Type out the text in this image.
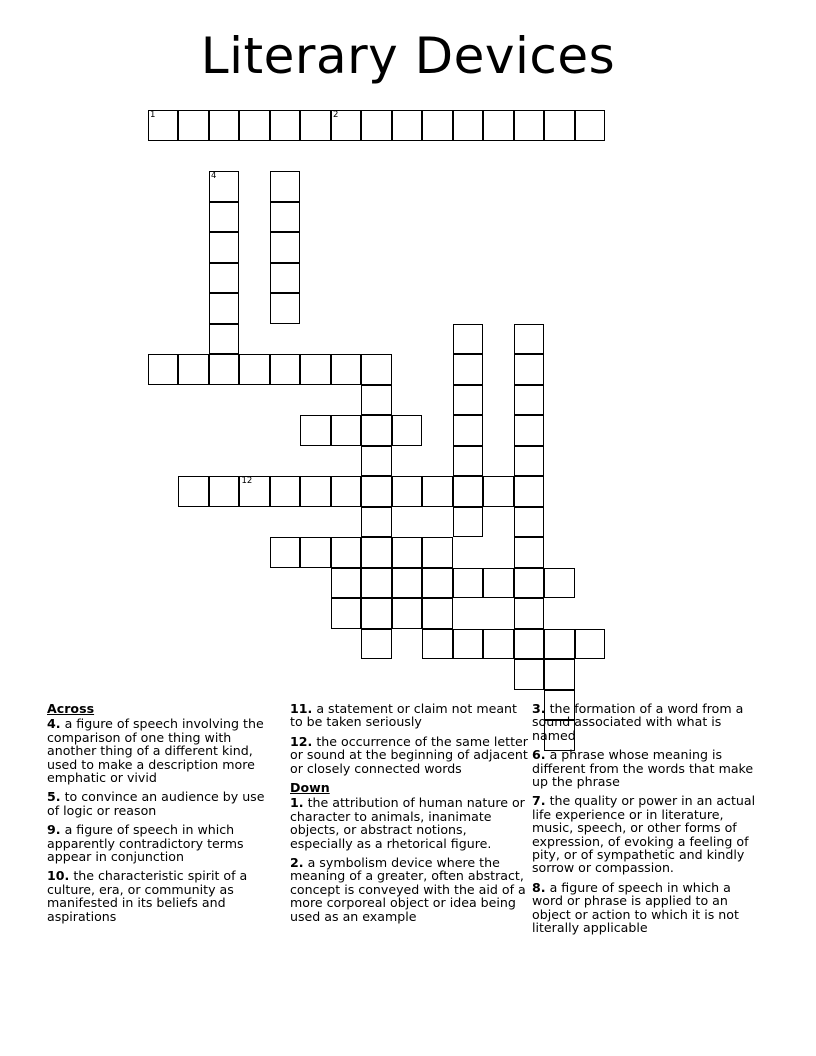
Literary Devices
1	2
4
12
Across
4. a figure of speech involving the comparison of one thing with another thing of a different kind, used to make a description more emphatic or vivid
5. to convince an audience by use of logic or reason
9. a figure of speech in which apparently contradictory terms appear in conjunction
10. the characteristic spirit of a culture, era, or community as manifested in its beliefs and aspirations
11. a statement or claim not meant to be taken seriously
12. the occurrence of the same letter or sound at the beginning of adjacent or closely connected words
Down
1. the attribution of human nature or character to animals, inanimate objects, or abstract notions, especially as a rhetorical figure.
2. a symbolism device where the meaning of a greater, often abstract, concept is conveyed with the aid of a more corporeal object or idea being used as an example
3. the formation of a word from a sound associated with what is named
6. a phrase whose meaning is different from the words that make up the phrase
7. the quality or power in an actual life experience or in literature, music, speech, or other forms of expression, of evoking a feeling of pity, or of sympathetic and kindly sorrow or compassion.
8. a figure of speech in which a word or phrase is applied to an object or action to which it is not literally applicable
